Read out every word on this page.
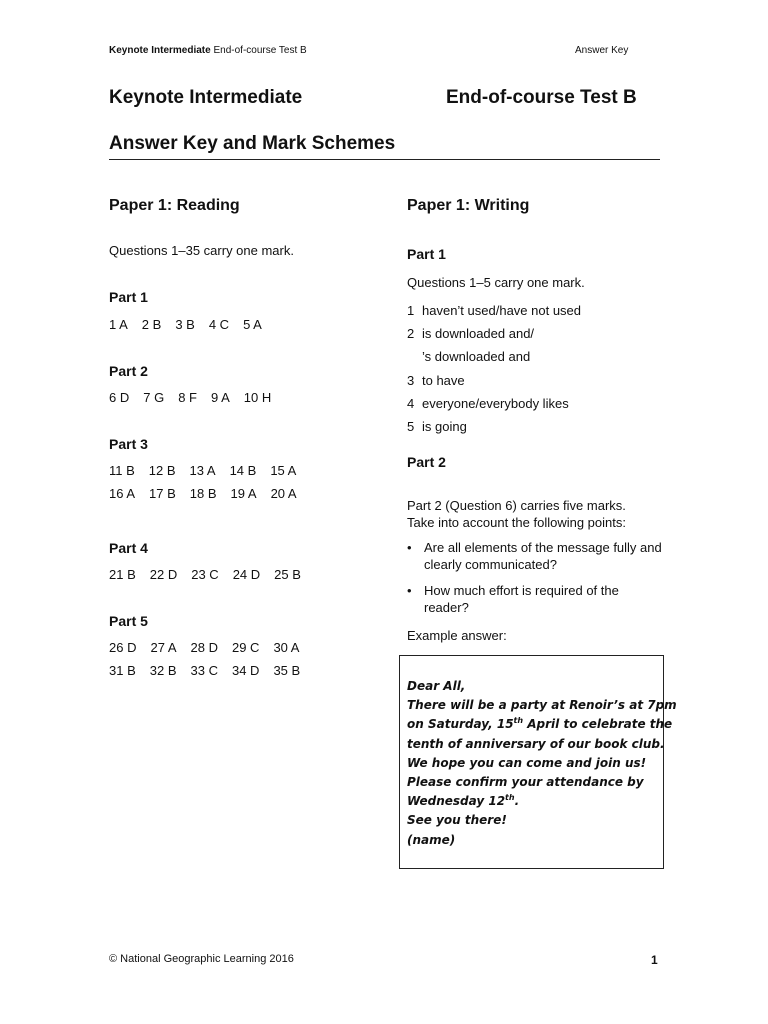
Keynote Intermediate End-of-course Test B	Answer Key
Keynote Intermediate	End-of-course Test B
Answer Key and Mark Schemes
Paper 1: Reading
Questions 1–35 carry one mark.
Part 1
1 A 2 B 3 B 4 C 5 A
Part 2
6 D 7 G 8 F 9 A 10 H
Part 3
11 B 12 B 13 A 14 B 15 A
16 A 17 B 18 B 19 A 20 A
Part 4
21 B 22 D 23 C 24 D 25 B
Part 5
26 D 27 A 28 D 29 C 30 A
31 B 32 B 33 C 34 D 35 B
Paper 1: Writing
Part 1
Questions 1–5 carry one mark.
1 haven’t used/have not used
2 is downloaded and/
’s downloaded and
3 to have
4 everyone/everybody likes
5 is going
Part 2
Part 2 (Question 6) carries five marks.
Take into account the following points:
• Are all elements of the message fully and clearly communicated?
• How much effort is required of the reader?
Example answer:
Dear All,
There will be a party at Renoir’s at 7pm
on Saturday, 15th April to celebrate the
tenth of anniversary of our book club.
We hope you can come and join us!
Please confirm your attendance by
Wednesday 12th.
See you there!
(name)
© National Geographic Learning 2016	1
